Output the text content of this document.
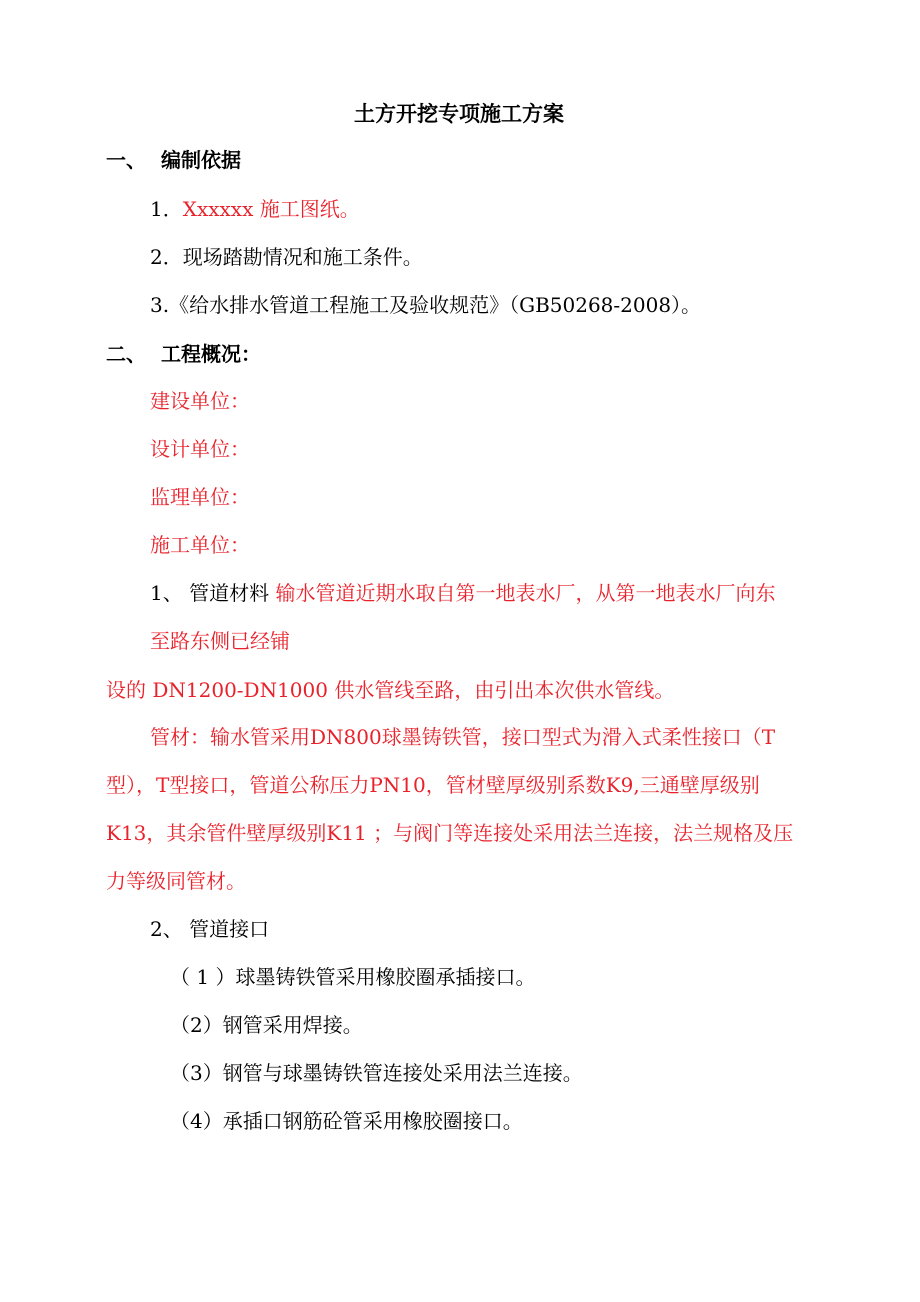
土方开挖专项施工方案
一、 编制依据
1．Xxxxxx 施工图纸。
2．现场踏勘情况和施工条件。
3.《给水排水管道工程施工及验收规范》（GB50268-2008）。
二、 工程概况：
建设单位：
设计单位：
监理单位：
施工单位：
1、 管道材料 输水管道近期水取自第一地表水厂，从第一地表水厂向东
至路东侧已经铺
设的 DN1200-DN1000 供水管线至路，由引出本次供水管线。
管材：输水管采用DN800球墨铸铁管，接口型式为滑入式柔性接口（T
型），T型接口，管道公称压力PN10，管材壁厚级别系数K9,三通壁厚级别
K13，其余管件壁厚级别K11 ；与阀门等连接处采用法兰连接，法兰规格及压
力等级同管材。
2、 管道接口
（ 1 ）球墨铸铁管采用橡胶圈承插接口。
（2）钢管采用焊接。
（3）钢管与球墨铸铁管连接处采用法兰连接。
（4）承插口钢筋砼管采用橡胶圈接口。
